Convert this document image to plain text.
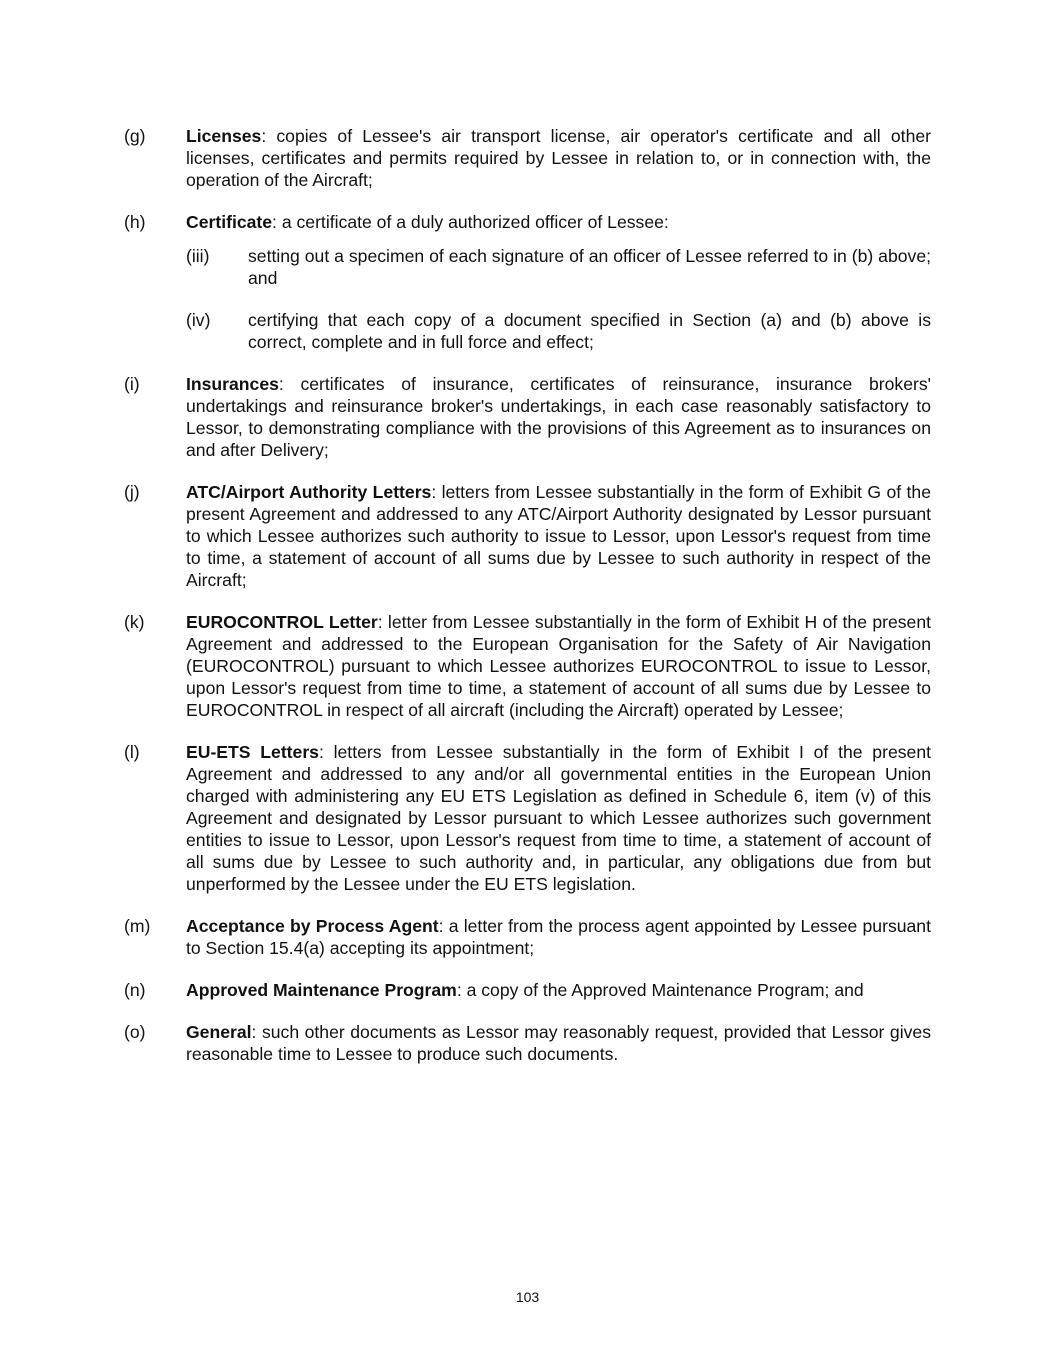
(g) Licenses: copies of Lessee's air transport license, air operator's certificate and all other licenses, certificates and permits required by Lessee in relation to, or in connection with, the operation of the Aircraft;
(h) Certificate: a certificate of a duly authorized officer of Lessee:
(iii) setting out a specimen of each signature of an officer of Lessee referred to in (b) above; and
(iv) certifying that each copy of a document specified in Section (a) and (b) above is correct, complete and in full force and effect;
(i)	Insurances: certificates of insurance, certificates of reinsurance, insurance brokers' undertakings and reinsurance broker's undertakings, in each case reasonably satisfactory to Lessor, to demonstrating compliance with the provisions of this Agreement as to insurances on and after Delivery;
(j)	ATC/Airport Authority Letters: letters from Lessee substantially in the form of Exhibit G of the present Agreement and addressed to any ATC/Airport Authority designated by Lessor pursuant to which Lessee authorizes such authority to issue to Lessor, upon Lessor's request from time to time, a statement of account of all sums due by Lessee to such authority in respect of the Aircraft;
(k) EUROCONTROL Letter: letter from Lessee substantially in the form of Exhibit H of the present Agreement and addressed to the European Organisation for the Safety of Air Navigation (EUROCONTROL) pursuant to which Lessee authorizes EUROCONTROL to issue to Lessor, upon Lessor's request from time to time, a statement of account of all sums due by Lessee to EUROCONTROL in respect of all aircraft (including the Aircraft) operated by Lessee;
(l)	EU-ETS Letters: letters from Lessee substantially in the form of Exhibit I of the present Agreement and addressed to any and/or all governmental entities in the European Union charged with administering any EU ETS Legislation as defined in Schedule 6, item (v) of this Agreement and designated by Lessor pursuant to which Lessee authorizes such government entities to issue to Lessor, upon Lessor's request from time to time, a statement of account of all sums due by Lessee to such authority and, in particular, any obligations due from but unperformed by the Lessee under the EU ETS legislation.
(m) Acceptance by Process Agent: a letter from the process agent appointed by Lessee pursuant to Section 15.4(a) accepting its appointment;
(n) Approved Maintenance Program: a copy of the Approved Maintenance Program; and
(o) General: such other documents as Lessor may reasonably request, provided that Lessor gives reasonable time to Lessee to produce such documents.
103
